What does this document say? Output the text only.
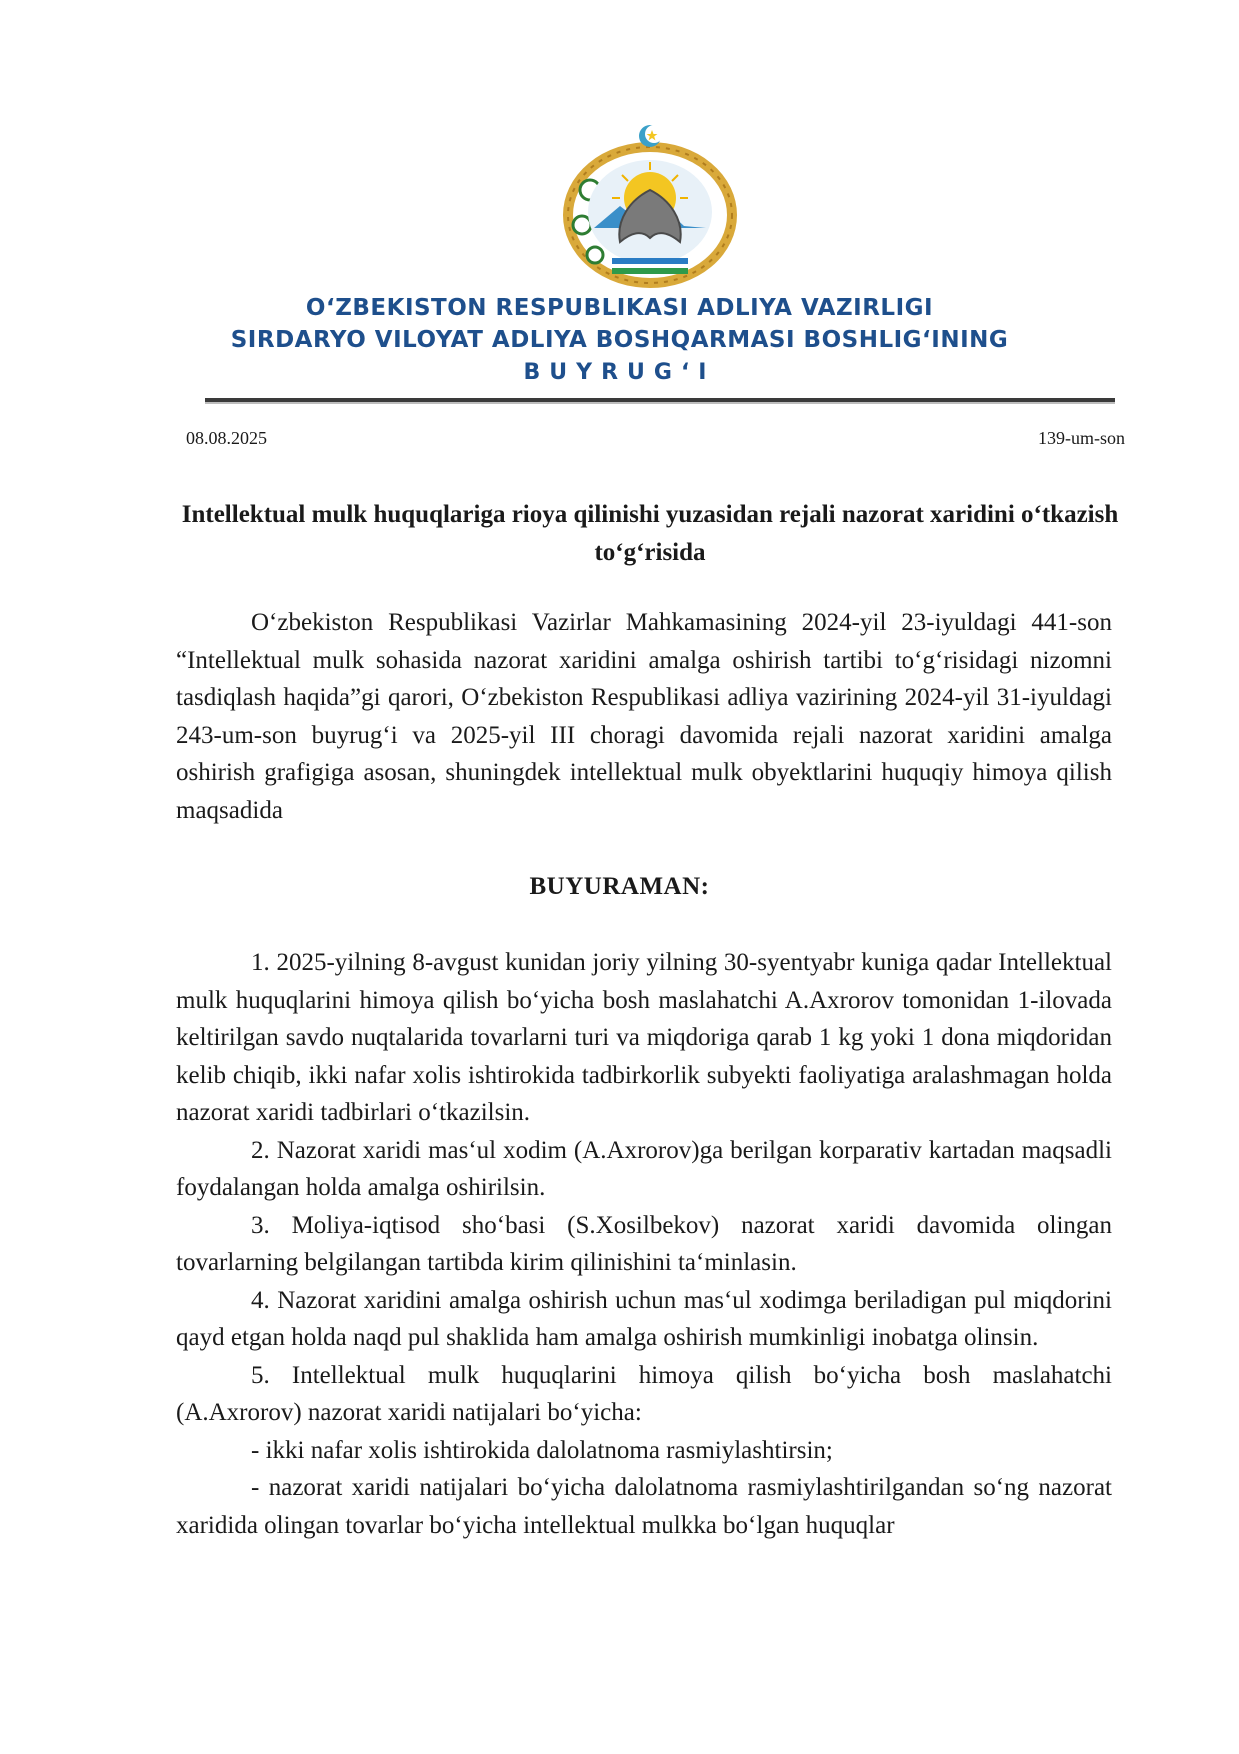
O‘ZBEKISTON RESPUBLIKASI ADLIYA VAZIRLIGI
SIRDARYO VILOYAT ADLIYA BOSHQARMASI BOSHLIG‘INING
BUYRUG‘I
08.08.2025	139-um-son
Intellektual mulk huquqlariga rioya qilinishi yuzasidan rejali nazorat xaridini o‘tkazish to‘g‘risida

O‘zbekiston Respublikasi Vazirlar Mahkamasining 2024-yil 23-iyuldagi 441-son “Intellektual mulk sohasida nazorat xaridini amalga oshirish tartibi to‘g‘risidagi nizomni tasdiqlash haqida”gi qarori, O‘zbekiston Respublikasi adliya vazirining 2024-yil 31-iyuldagi 243-um-son buyrug‘i va 2025-yil III choragi davomida rejali nazorat xaridini amalga oshirish grafigiga asosan, shuningdek intellektual mulk obyektlarini huquqiy himoya qilish maqsadida

BUYURAMAN:

1. 2025-yilning 8-avgust kunidan joriy yilning 30-syentyabr kuniga qadar Intellektual mulk huquqlarini himoya qilish bo‘yicha bosh maslahatchi A.Axrorov tomonidan 1-ilovada keltirilgan savdo nuqtalarida tovarlarni turi va miqdoriga qarab 1 kg yoki 1 dona miqdoridan kelib chiqib, ikki nafar xolis ishtirokida tadbirkorlik subyekti faoliyatiga aralashmagan holda nazorat xaridi tadbirlari o‘tkazilsin.

2. Nazorat xaridi mas‘ul xodim (A.Axrorov)ga berilgan korparativ kartadan maqsadli foydalangan holda amalga oshirilsin.

3. Moliya-iqtisod sho‘basi (S.Xosilbekov) nazorat xaridi davomida olingan tovarlarning belgilangan tartibda kirim qilinishini ta‘minlasin.

4. Nazorat xaridini amalga oshirish uchun mas‘ul xodimga beriladigan pul miqdorini qayd etgan holda naqd pul shaklida ham amalga oshirish mumkinligi inobatga olinsin.

5. Intellektual mulk huquqlarini himoya qilish bo‘yicha bosh maslahatchi (A.Axrorov) nazorat xaridi natijalari bo‘yicha:

- ikki nafar xolis ishtirokida dalolatnoma rasmiylashtirsin;

- nazorat xaridi natijalari bo‘yicha dalolatnoma rasmiylashtirilgandan so‘ng nazorat xaridida olingan tovarlar bo‘yicha intellektual mulkka bo‘lgan huquqlar
